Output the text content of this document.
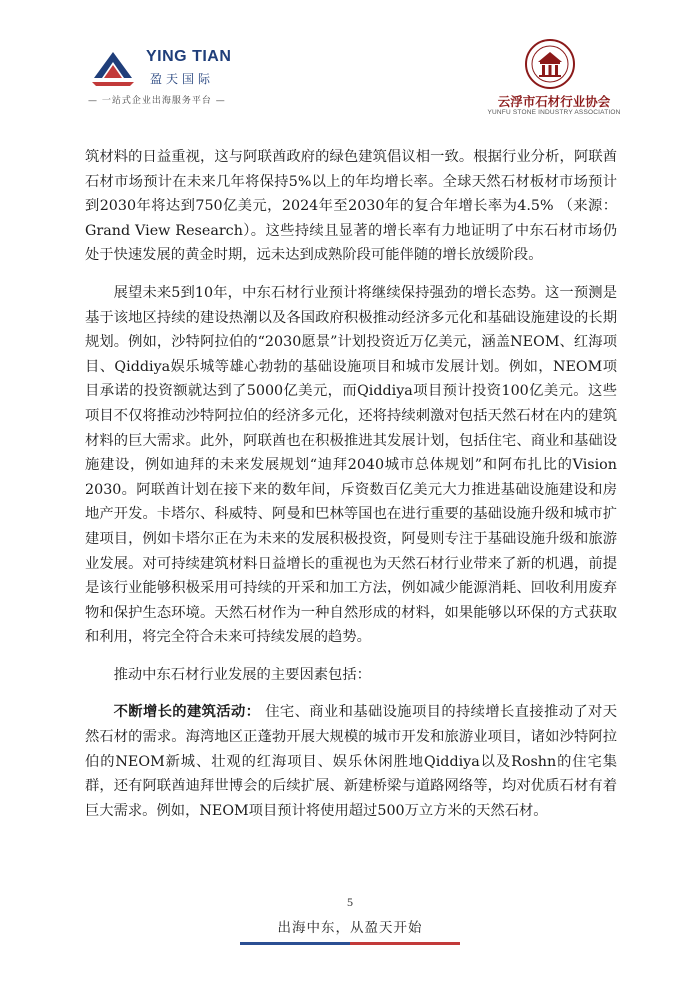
YING TIAN
盈天国际
— 一站式企业出海服务平台 —	云浮市石材行业协会
YUNFU STONE INDUSTRY ASSOCIATION

筑材料的日益重视，这与阿联酋政府的绿色建筑倡议相一致。根据行业分析，阿联酋石材市场预计在未来几年将保持5%以上的年均增长率。全球天然石材板材市场预计到2030年将达到750亿美元，2024年至2030年的复合年增长率为4.5% （来源：Grand View Research）。这些持续且显著的增长率有力地证明了中东石材市场仍处于快速发展的黄金时期，远未达到成熟阶段可能伴随的增长放缓阶段。

展望未来5到10年，中东石材行业预计将继续保持强劲的增长态势。这一预测是基于该地区持续的建设热潮以及各国政府积极推动经济多元化和基础设施建设的长期规划。例如，沙特阿拉伯的“2030愿景”计划投资近万亿美元，涵盖NEOM、红海项目、Qiddiya娱乐城等雄心勃勃的基础设施项目和城市发展计划。例如，NEOM项目承诺的投资额就达到了5000亿美元，而Qiddiya项目预计投资100亿美元。这些项目不仅将推动沙特阿拉伯的经济多元化，还将持续刺激对包括天然石材在内的建筑材料的巨大需求。此外，阿联酋也在积极推进其发展计划，包括住宅、商业和基础设施建设，例如迪拜的未来发展规划“迪拜2040城市总体规划”和阿布扎比的Vision 2030。阿联酋计划在接下来的数年间，斥资数百亿美元大力推进基础设施建设和房地产开发。卡塔尔、科威特、阿曼和巴林等国也在进行重要的基础设施升级和城市扩建项目，例如卡塔尔正在为未来的发展积极投资，阿曼则专注于基础设施升级和旅游业发展。对可持续建筑材料日益增长的重视也为天然石材行业带来了新的机遇，前提是该行业能够积极采用可持续的开采和加工方法，例如减少能源消耗、回收利用废弃物和保护生态环境。天然石材作为一种自然形成的材料，如果能够以环保的方式获取和利用，将完全符合未来可持续发展的趋势。

推动中东石材行业发展的主要因素包括：

不断增长的建筑活动： 住宅、商业和基础设施项目的持续增长直接推动了对天然石材的需求。海湾地区正蓬勃开展大规模的城市开发和旅游业项目，诸如沙特阿拉伯的NEOM新城、壮观的红海项目、娱乐休闲胜地Qiddiya以及Roshn的住宅集群，还有阿联酋迪拜世博会的后续扩展、新建桥梁与道路网络等，均对优质石材有着巨大需求。例如，NEOM项目预计将使用超过500万立方米的天然石材。

5
出海中东，从盈天开始
